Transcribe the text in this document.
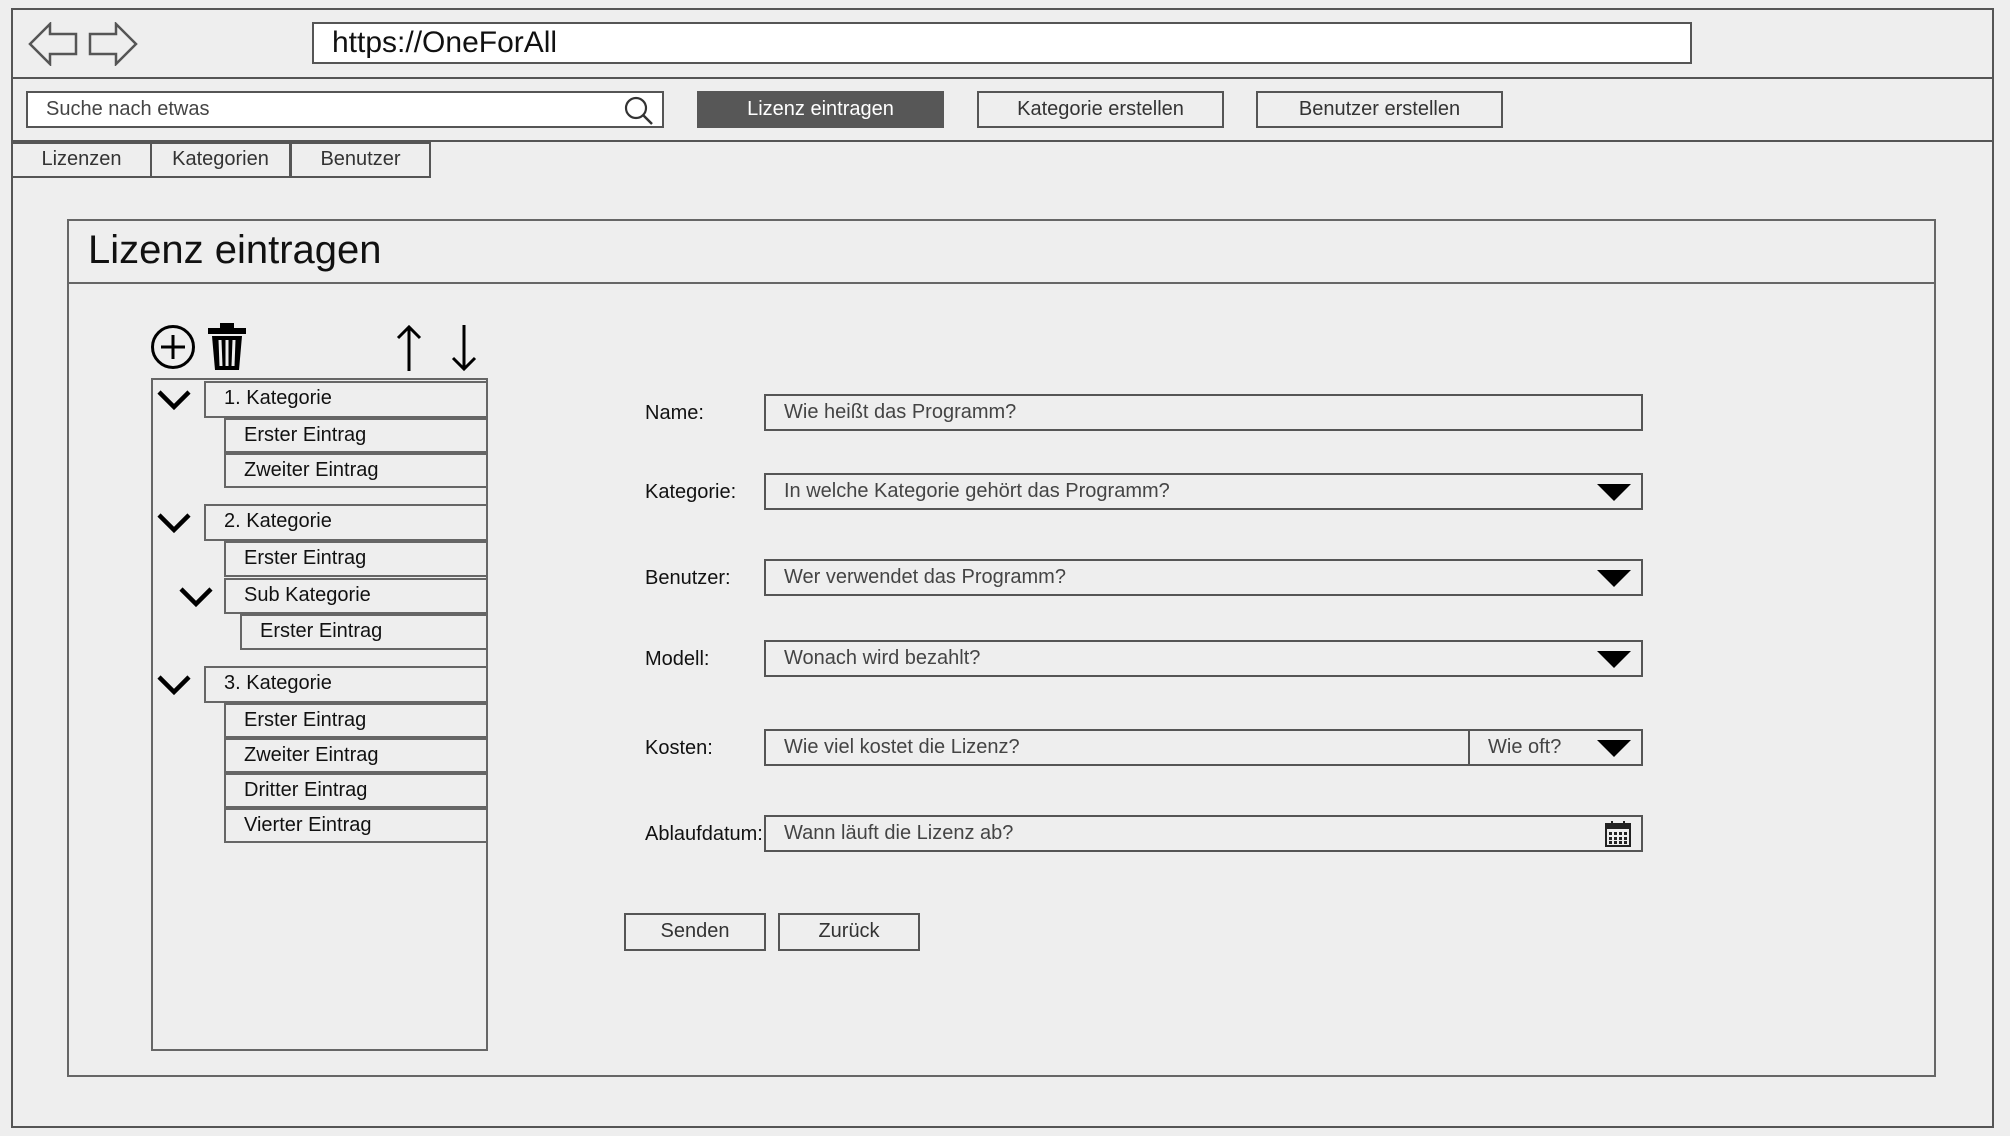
https://OneForAll
Suche nach etwas	Lizenz eintragen	Kategorie erstellen	Benutzer erstellen
Lizenzen	Kategorien	Benutzer
Lizenz eintragen
1. Kategorie
Erster Eintrag
Zweiter Eintrag
2. Kategorie
Erster Eintrag
Sub Kategorie
Erster Eintrag
3. Kategorie
Erster Eintrag
Zweiter Eintrag
Dritter Eintrag
Vierter Eintrag
Name:	Wie heißt das Programm?
Kategorie:	In welche Kategorie gehört das Programm?
Benutzer:	Wer verwendet das Programm?
Modell:	Wonach wird bezahlt?
Kosten:	Wie viel kostet die Lizenz?	Wie oft?
Ablaufdatum:	Wann läuft die Lizenz ab?
Senden	Zurück
